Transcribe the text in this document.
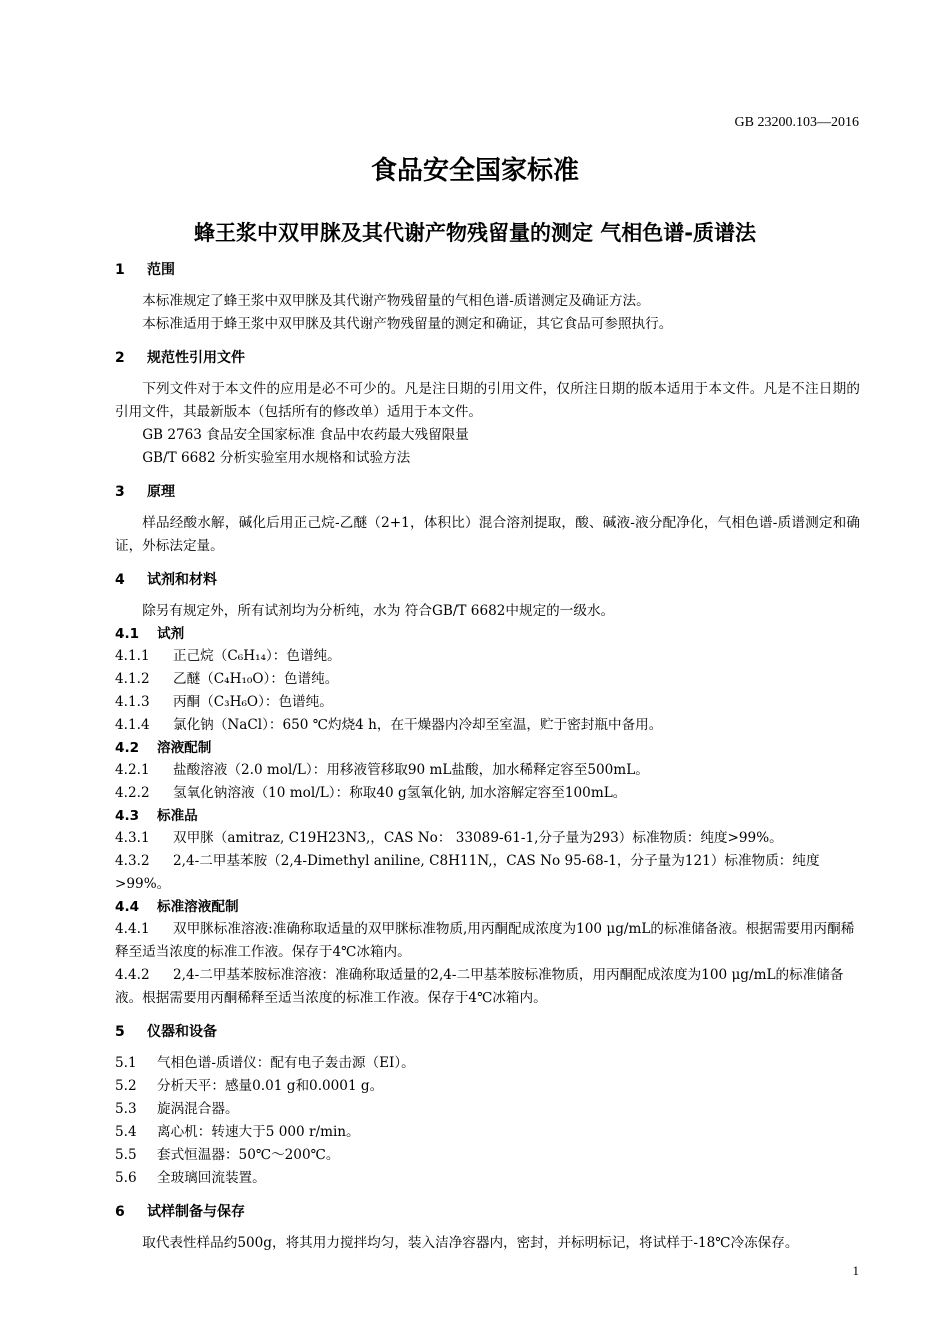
GB 23200.103—2016
食品安全国家标准
蜂王浆中双甲脒及其代谢产物残留量的测定 气相色谱-质谱法
1 范围

本标准规定了蜂王浆中双甲脒及其代谢产物残留量的气相色谱-质谱测定及确证方法。

本标准适用于蜂王浆中双甲脒及其代谢产物残留量的测定和确证，其它食品可参照执行。

2 规范性引用文件

下列文件对于本文件的应用是必不可少的。凡是注日期的引用文件，仅所注日期的版本适用于本文件。凡是不注日期的引用文件，其最新版本（包括所有的修改单）适用于本文件。

GB 2763 食品安全国家标准 食品中农药最大残留限量

GB/T 6682 分析实验室用水规格和试验方法

3 原理

样品经酸水解，碱化后用正己烷-乙醚（2+1，体积比）混合溶剂提取，酸、碱液-液分配净化，气相色谱-质谱测定和确证，外标法定量。

4 试剂和材料

除另有规定外，所有试剂均为分析纯，水为 符合GB/T 6682中规定的一级水。

4.1 试剂

4.1.1 正己烷（C₆H₁₄）：色谱纯。

4.1.2 乙醚（C₄H₁₀O）：色谱纯。

4.1.3 丙酮（C₃H₆O）：色谱纯。

4.1.4 氯化钠（NaCl）：650 ℃灼烧4 h，在干燥器内冷却至室温，贮于密封瓶中备用。

4.2 溶液配制

4.2.1 盐酸溶液（2.0 mol/L）：用移液管移取90 mL盐酸，加水稀释定容至500mL。

4.2.2 氢氧化钠溶液（10 mol/L）：称取40 g氢氧化钠, 加水溶解定容至100mL。

4.3 标准品

4.3.1 双甲脒（amitraz, C19H23N3,，CAS No： 33089-61-1,分子量为293）标准物质：纯度>99%。

4.3.2 2,4-二甲基苯胺（2,4-Dimethyl aniline, C8H11N,，CAS No 95-68-1，分子量为121）标准物质：纯度>99%。

4.4 标准溶液配制

4.4.1 双甲脒标准溶液:准确称取适量的双甲脒标准物质,用丙酮配成浓度为100 μg/mL的标准储备液。根据需要用丙酮稀释至适当浓度的标准工作液。保存于4℃冰箱内。

4.4.2 2,4-二甲基苯胺标准溶液：准确称取适量的2,4-二甲基苯胺标准物质，用丙酮配成浓度为100 μg/mL的标准储备液。根据需要用丙酮稀释至适当浓度的标准工作液。保存于4℃冰箱内。

5 仪器和设备

5.1 气相色谱-质谱仪：配有电子轰击源（EI）。

5.2 分析天平：感量0.01 g和0.0001 g。

5.3 旋涡混合器。

5.4 离心机：转速大于5 000 r/min。

5.5 套式恒温器：50℃～200℃。

5.6 全玻璃回流装置。

6 试样制备与保存

取代表性样品约500g，将其用力搅拌均匀，装入洁净容器内，密封，并标明标记，将试样于-18℃冷冻保存。

1
